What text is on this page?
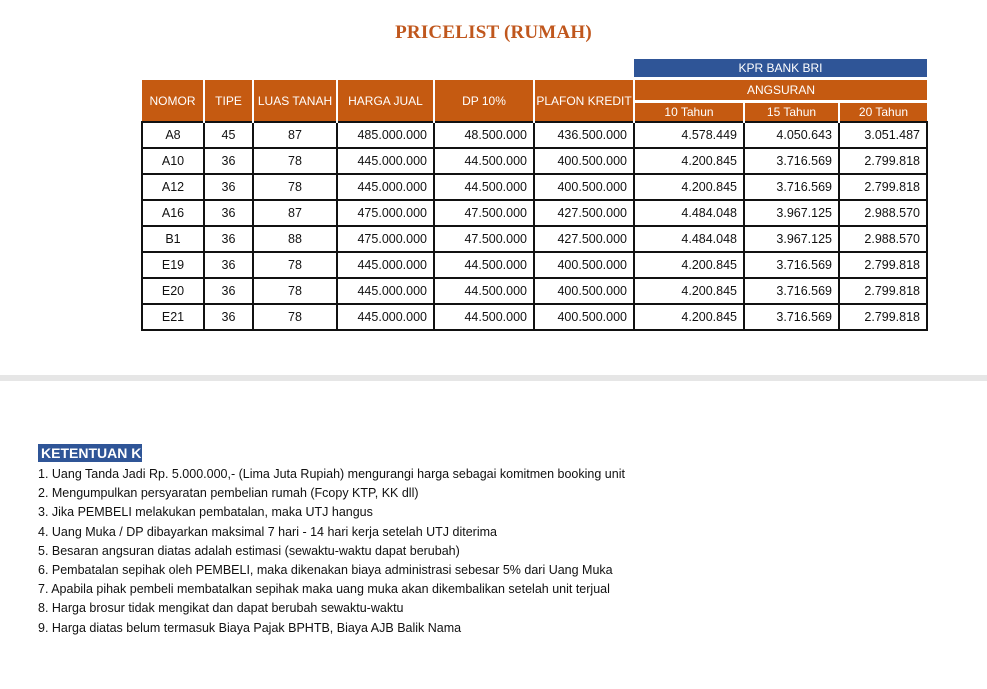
PRICELIST (RUMAH)
						KPR BANK BRI		
NOMOR	TIPE	LUAS TANAH	HARGA JUAL	DP 10%	PLAFON KREDIT	ANGSURAN		
						10 Tahun	15 Tahun	20 Tahun
A8	45	87	485.000.000	48.500.000	436.500.000	4.578.449	4.050.643	3.051.487
A10	36	78	445.000.000	44.500.000	400.500.000	4.200.845	3.716.569	2.799.818
A12	36	78	445.000.000	44.500.000	400.500.000	4.200.845	3.716.569	2.799.818
A16	36	87	475.000.000	47.500.000	427.500.000	4.484.048	3.967.125	2.988.570
B1	36	88	475.000.000	47.500.000	427.500.000	4.484.048	3.967.125	2.988.570
E19	36	78	445.000.000	44.500.000	400.500.000	4.200.845	3.716.569	2.799.818
E20	36	78	445.000.000	44.500.000	400.500.000	4.200.845	3.716.569	2.799.818
E21	36	78	445.000.000	44.500.000	400.500.000	4.200.845	3.716.569	2.799.818
KETENTUAN K
1. Uang Tanda Jadi Rp. 5.000.000,- (Lima Juta Rupiah) mengurangi harga sebagai komitmen booking unit
2. Mengumpulkan persyaratan pembelian rumah (Fcopy KTP, KK dll)
3. Jika PEMBELI melakukan pembatalan, maka UTJ hangus
4. Uang Muka / DP dibayarkan maksimal 7 hari - 14 hari kerja setelah UTJ diterima
5. Besaran angsuran diatas adalah estimasi (sewaktu-waktu dapat berubah)
6. Pembatalan sepihak oleh PEMBELI, maka dikenakan biaya administrasi sebesar 5% dari Uang Muka
7. Apabila pihak pembeli membatalkan sepihak maka uang muka akan dikembalikan setelah unit terjual
8. Harga brosur tidak mengikat dan dapat berubah sewaktu-waktu
9. Harga diatas belum termasuk Biaya Pajak BPHTB, Biaya AJB Balik Nama
